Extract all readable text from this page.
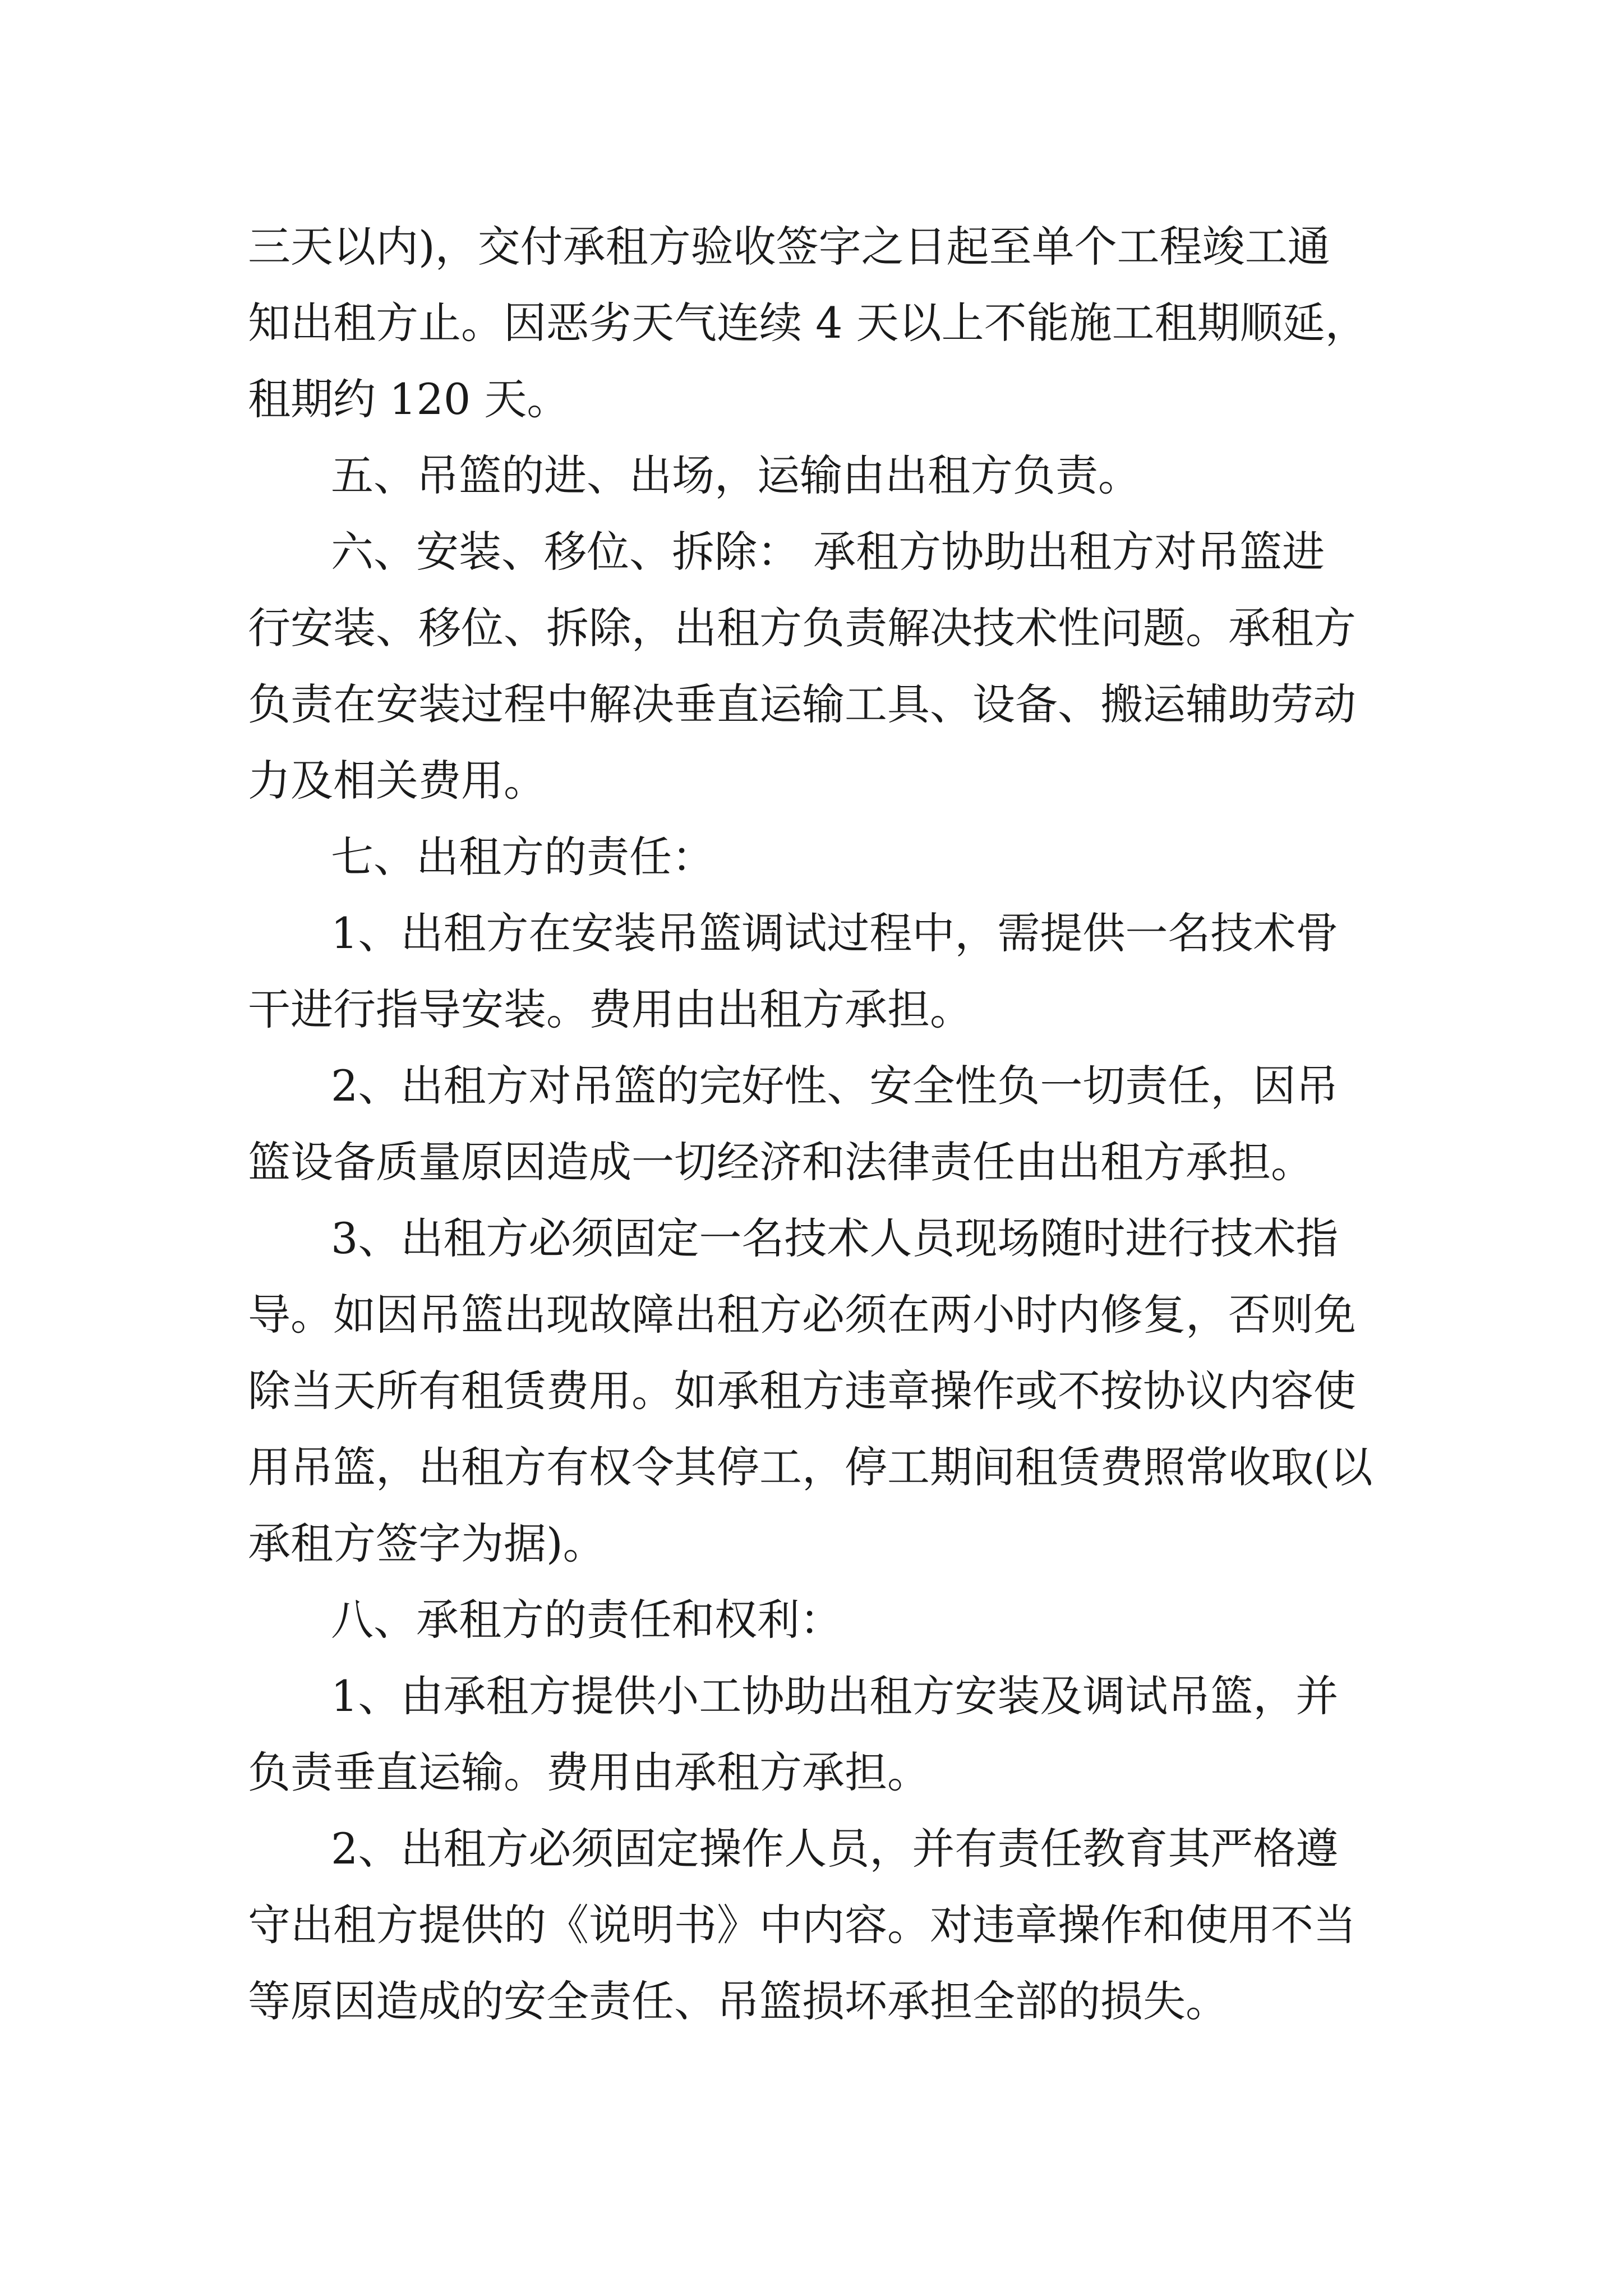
三天以内)，交付承租方验收签字之日起至单个工程竣工通
知出租方止。因恶劣天气连续 4 天以上不能施工租期顺延，
租期约 120 天。
五、吊篮的进、出场，运输由出租方负责。
六、安装、移位、拆除： 承租方协助出租方对吊篮进
行安装、移位、拆除，出租方负责解决技术性问题。承租方
负责在安装过程中解决垂直运输工具、设备、搬运辅助劳动
力及相关费用。
七、出租方的责任：
1、出租方在安装吊篮调试过程中，需提供一名技术骨
干进行指导安装。费用由出租方承担。
2、出租方对吊篮的完好性、安全性负一切责任，因吊
篮设备质量原因造成一切经济和法律责任由出租方承担。
3、出租方必须固定一名技术人员现场随时进行技术指
导。如因吊篮出现故障出租方必须在两小时内修复，否则免
除当天所有租赁费用。如承租方违章操作或不按协议内容使
用吊篮，出租方有权令其停工，停工期间租赁费照常收取(以
承租方签字为据)。
八、承租方的责任和权利：
1、由承租方提供小工协助出租方安装及调试吊篮，并
负责垂直运输。费用由承租方承担。
2、出租方必须固定操作人员，并有责任教育其严格遵
守出租方提供的《说明书》中内容。对违章操作和使用不当
等原因造成的安全责任、吊篮损坏承担全部的损失。
